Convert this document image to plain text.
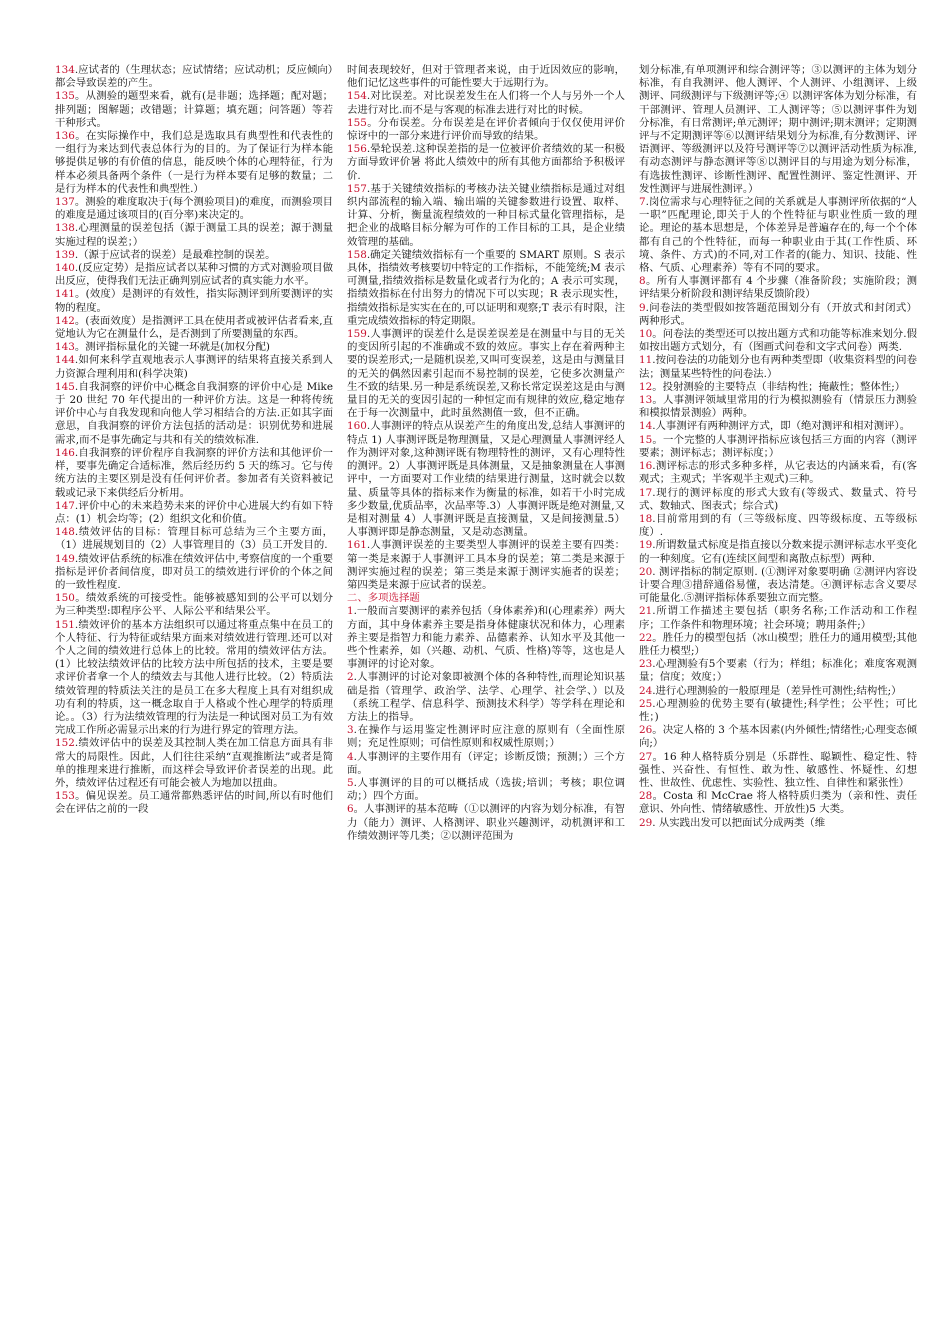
134.应试者的（生理状态；应试情绪；应试动机；反应倾向）都会导致误差的产生。

135。从测验的题型来看，就有(是非题；选择题；配对题；排列题；图解题；改错题；计算题；填充题；问答题）等若干种形式。

136。在实际操作中，我们总是选取具有典型性和代表性的一组行为来达到代表总体行为的目的。为了保证行为样本能够提供足够的有价值的信息，能反映个体的心理特征，行为样本必须具备两个条件（一是行为样本要有足够的数量；二是行为样本的代表性和典型性.）

137。测验的难度取决于(每个测验项目)的难度，而测验项目的难度是通过该项目的(百分率)来决定的。

138.心理测量的误差包括（源于测量工具的误差；源于测量实施过程的误差；）

139.（源于应试者的误差）是最难控制的误差。

140.(反应定势）是指应试者以某种习惯的方式对测验项目做出反应，使得我们无法正确判别应试者的真实能力水平。

141。(效度）是测评的有效性，指实际测评到所要测评的实物的程度。

142。(表面效度）是指测评工具在使用者或被评估者看来,直觉地认为它在测量什么，是否测到了所要测量的东西。

143。测评指标量化的关键一环就是(加权分配)

144.如何来科学直观地表示人事测评的结果将直接关系到人力资源合理利用和(科学决策)

145.自我洞察的评价中心概念自我洞察的评价中心是 Mike 于 20 世纪 70 年代提出的一种评价方法。这是一种将传统评价中心与自我发现和向他人学习相结合的方法.正如其字面意思，自我洞察的评价方法包括的活动是：识别优势和进展需求,而不是事先确定与共和有关的绩效标准.

146.自我洞察的评价程序自我洞察的评价方法和其他评价一样，要事先确定合适标准，然后经历约 5 天的练习。它与传统方法的主要区别是没有任何评价者。参加者有关资料被记载或记录下来供经后分析用。

147.评价中心的未来趋势未来的评价中心进展大约有如下特点：(1）机会均等；(2）组织文化和价值。

148.绩效评估的目标：管理目标可总结为三个主要方面，（1）进展规划目的（2）人事管理目的（3）员工开发目的.

149.绩效评估系统的标准在绩效评估中,考察信度的一个重要指标是评价者间信度，即对员工的绩效进行评价的个体之间的一致性程度.

150。绩效系统的可接受性。能够被感知到的公平可以划分为三种类型:即程序公平、人际公平和结果公平。

151.绩效评价的基本方法组织可以通过将重点集中在员工的个人特征、行为特征或结果方面来对绩效进行管理.还可以对个人之间的绩效进行总体上的比较。常用的绩效评估方法。(1）比较法绩效评估的比较方法中所包括的技术，主要是要求评价者拿一个人的绩效去与其他人进行比较。（2）特质法绩效管理的特质法关注的是员工在多大程度上具有对组织成功有利的特质，这一概念取自于人格或个性心理学的特质理论。。（3）行为法绩效管理的行为法是一种试图对员工为有效完成工作所必需显示出来的行为进行界定的管理方法。

152.绩效评估中的误差及其控制人类在加工信息方面具有非常大的局限性。因此，人们往往采纳“直观推断法”或者是简单的推理来进行推断，而这样会导致评价者误差的出现。此外，绩效评估过程还有可能会被人为地加以扭曲。

153。偏见误差。员工通常都熟悉评估的时间,所以有时他们会在评估之前的一段

时间表现较好，但对于管理者来说，由于近因效应的影响，他们记忆这些事件的可能性要大于远期行为。

154.对比误差。对比误差发生在人们将一个人与另外一个人去进行对比.而不是与客观的标准去进行对比的时候。

155。分布误差。分布误差是在评价者倾向于仅仅使用评价惊讶中的一部分来进行评价而导致的结果。

156.晕轮误差.这种误差指的是一位被评价者绩效的某一积极方面导致评价暑 将此人绩效中的所有其他方面都给予积极评价.

157.基于关键绩效指标的考核办法关键业绩指标是通过对组织内部流程的输入端、输出端的关键参数进行设置、取样、计算、分析，衡量流程绩效的一种目标式量化管理指标，是把企业的战略目标分解为可作的工作目标的工具，是企业绩效管理的基础。

158.确定关键绩效指标有一个重要的 SMART 原则。S 表示具体，指绩效考核要切中特定的工作指标，不能笼统;M 表示可测量,指绩效指标是数量化或者行为化的；A 表示可实现，指绩效指标在付出努力的情况下可以实现；R 表示现实性，指绩效指标是实实在在的,可以证明和观察;T 表示有时限，注重完成绩效指标的特定期限。

159.人事测评的误差什么是误差误差是在测量中与目的无关的变因所引起的不准确或不致的效应。事实上存在着两种主要的误差形式;一是随机误差,又叫可变误差，这是由与测量目的无关的偶然因素引起而不易控制的误差，它使多次测量产生不致的结果.另一种是系统误差,又称长常定误差这是由与测量目的无关的变因引起的一种恒定而有规律的效应,稳定地存在于每一次测量中，此时虽然测值一致，但不正确。

160.人事测评的特点从误差产生的角度出发,总结人事测评的特点 1) 人事测评既是物理测量，又是心理测量人事测评经人作为测评对象,这种测评既有物理特性的测评，又有心理特性的测评。2）人事测评既是具体测量，又是抽象测量在人事测评中，一方面要对工作业绩的结果进行测量，这时就会以数量、质量等具体的指标来作为衡量的标准，如若干小时完成多少数量,优质品率，次品率等.3）人事测评既是绝对测量,又是相对测量 4）人事测评既是直接测量，又是间接测量.5）人事测评即是静态测量，又是动态测量。

161.人事测评误差的主要类型人事测评的误差主要有四类：第一类是来源于人事测评工具本身的误差；第二类是来源于测评实施过程的误差；第三类是来源于测评实施者的误差；第四类是来源于应试者的误差。

二、多项选择题

1.一般而言要测评的素养包括（身体素养)和(心理素养）两大方面，其中身体素养主要是指身体健康状况和体力，心理素养主要是指智力和能力素养、品德素养、认知水平及其他一些个性素养，如（兴趣、动机、气质、性格)等等，这也是人事测评的讨论对象。

2.人事测评的讨论对象即被测个体的各种特性,而理论知识基础是指（管理学、政治学、法学、心理学、社会学、）以及（系统工程学、信息科学、预测技术科学）等学科在理论和方法上的指导。

3.在操作与运用鉴定性测评时应注意的原则有（全面性原则；充足性原则；可信性原则和权威性原则；）

4.人事测评的主要作用有（评定；诊断反馈；预测；）三个方面。

5.人事测评的目的可以概括成（选拔;培训；考核；职位调动；）四个方面。

6。人事测评的基本范畴（①以测评的内容为划分标准，有智力（能力）测评、人格测评、职业兴趣测评，动机测评和工作绩效测评等几类；②以测评范围为

划分标准,有单项测评和综合测评等；③以测评的主体为划分标准，有自我测评、他人测评、个人测评、小组测评、上级测评、同级测评与下级测评等;④ 以测评客体为划分标准，有干部测评、管理人员测评、工人测评等；⑤以测评事件为划分标准，有日常测评;单元测评；期中测评;期末测评；定期测评与不定期测评等⑥以测评结果划分为标准,有分数测评、评语测评、等级测评以及符号测评等⑦以测评活动性质为标准,有动态测评与静态测评等⑧以测评目的与用途为划分标准，有选拔性测评、诊断性测评、配置性测评、鉴定性测评、开发性测评与进展性测评。）

7.岗位需求与心理特征之间的关系就是人事测评所依据的“人一职”匹配理论,即关于人的个性特征与职业性质一致的理论。理论的基本思想是，个体差异是普遍存在的,每一个个体都有自己的个性特征，而每一种职业由于其(工作性质、环境、条件、方式)的不同,对工作者的(能力、知识、技能、性格、气质、心理素养）等有不同的要求。

8。所有人事测评都有 4 个步骤（准备阶段；实施阶段；测评结果分析阶段和测评结果反馈阶段）

9.问卷法的类型假如按答题范围划分有（开放式和封闭式）两种形式。

10。问卷法的类型还可以按出题方式和功能等标准来划分.假如按出题方式划分，有（图画式问卷和文字式问卷）两类.

11.按问卷法的功能划分也有两种类型即（收集资料型的问卷法；测量某些特性的问卷法.）

12。投射测验的主要特点（非结构性；掩蔽性；整体性;）

13。人事测评领域里常用的行为模拟测验有（情景压力测验和模拟情景测验）两种。

14.人事测评有两种测评方式，即（绝对测评和相对测评）。

15。一个完整的人事测评指标应该包括三方面的内容（测评要素；测评标志；测评标度；）

16.测评标志的形式多种多样，从它表达的内涵来看，有(客观式；主观式；半客观半主观式)三种。

17.现行的测评标度的形式大致有(等级式、数量式、符号式、数轴式、图表式；综合式)

18.目前常用到的有（三等级标度、四等级标度、五等级标度）.

19.所谓数量式标度是指直接以分数来提示测评标志水平变化的一种刻度。它有(连续区间型和离散点标型）两种.

20. 测评指标的制定原则. (①测评对象要明确 ②测评内容设计要合理③措辞通俗易懂，表达清楚。④测评标志含义要尽可能量化.⑤测评指标体系要独立而完整。

21.所谓工作描述主要包括（职务名称;工作活动和工作程序；工作条件和物理环境；社会环境；聘用条件;）

22。胜任力的模型包括（冰山模型；胜任力的通用模型;其他胜任力模型;）

23.心理测验有5个要素（行为；样组；标准化；难度客观测量；信度；效度；）

24.进行心理测验的一般原理是（差异性可测性;结构性;）

25.心理测验的优势主要有(敏捷性;科学性；公平性；可比性；)

26。决定人格的 3 个基本因素(内外倾性;情绪性;心理变态倾向;）

27。16 种人格特质分别是（乐群性、聪颖性、稳定性、特强性、兴奋性、有恒性、敢为性、敏感性、怀疑性、幻想性、世故性、优虑性、实验性、独立性、自律性和紧张性）

28。Costa 和 McCrae 将人格特质归类为（亲和性、责任意识、外向性、情绪敏感性、开放性)5 大类。

29. 从实践出发可以把面试分成两类（维
